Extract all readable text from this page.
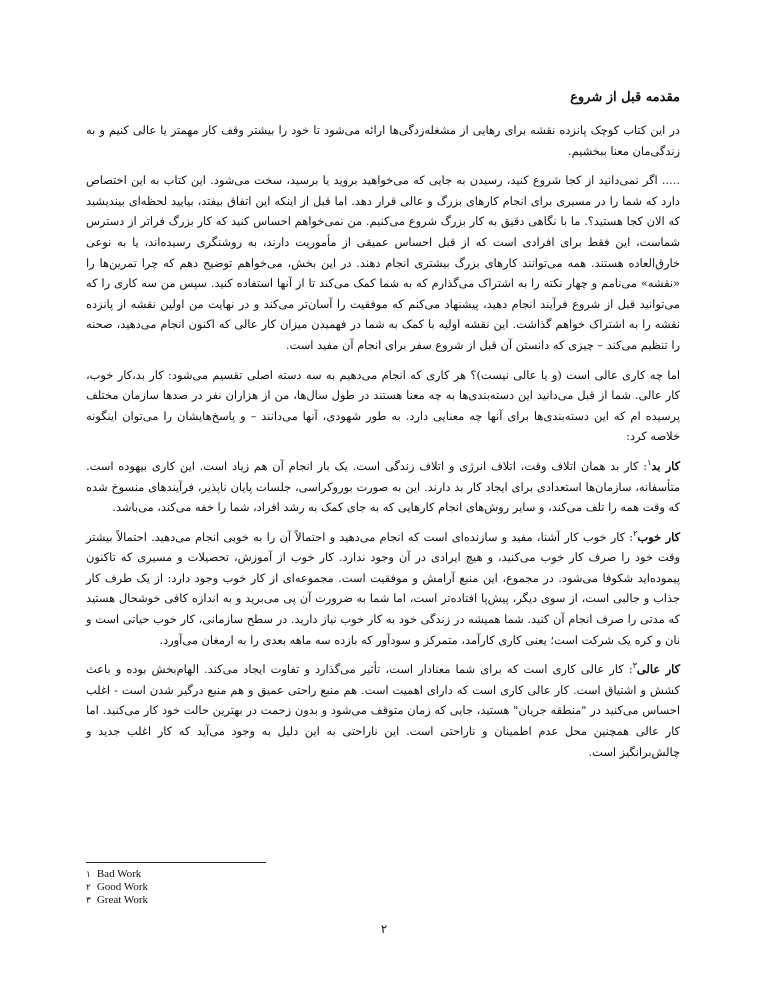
مقدمه قبل از شروع

در این کتاب کوچک پانزده نقشه برای رهایی از مشغلەزدگی‌ها ارائه می‌شود تا خود را بیشتر وقف کار مهمتر یا عالی کنیم و به زندگی‌مان معنا ببخشیم.

..... اگر نمی‌دانید از کجا شروع کنید، رسیدن به جایی که می‌خواهید بروید یا برسید، سخت می‌شود. این کتاب به این اختصاص دارد که شما را در مسیری برای انجام کارهای بزرگ و عالی قرار دهد. اما قبل از اینکه این اتفاق بیفتد، بیایید لحظه‌ای بیندیشید که الان کجا هستید؟. ما با نگاهی دقیق به کار بزرگ شروع می‌کنیم. من نمی‌خواهم احساس کنید که کار بزرگ فراتر از دسترس شماست، این فقط برای افرادی است که از قبل احساس عمیقی از مأموریت دارند، به روشنگری رسیده‌اند، یا به نوعی خارق‌العاده هستند. همه می‌توانند کارهای بزرگ بیشتری انجام دهند. در این بخش، می‌خواهم توضیح دهم که چرا تمرین‌ها را «نقشه» می‌نامم و چهار نکته را به اشتراک می‌گذارم که به شما کمک می‌کند تا از آنها استفاده کنید. سپس من سه کاری را که می‌توانید قبل از شروع فرآیند انجام دهید، پیشنهاد می‌کنم که موفقیت را آسان‌تر می‌کند و در نهایت من اولین نقشه از پانزده نقشه را به اشتراک خواهم گذاشت. این نقشه اولیه با کمک به شما در فهمیدن میزان کار عالی که اکنون انجام می‌دهید، صحنه را تنظیم می‌کند – چیزی که دانستن آن قبل از شروع سفر برای انجام آن مفید است.

اما چه کاری عالی است (و یا عالی نیست)؟ هر کاری که انجام می‌دهیم به سه دسته اصلی تقسیم می‌شود: کار بد،کار خوب، کار عالی. شما از قبل می‌دانید این دسته‌بندی‌ها به چه معنا هستند در طول سال‌ها، من از هزاران نفر در صدها سازمان مختلف پرسیده ام که این دسته‌بندی‌ها برای آنها چه معنایی دارد. به طور شهودی، آنها می‌دانند – و پاسخ‌هایشان را می‌توان اینگونه خلاصه کرد:

کار بد$^۱$: کار بد همان اتلاف وقت، اتلاف انرژی و اتلاف زندگی است. یک بار انجام آن هم زیاد است. این کاری بیهوده است. متأسفانه، سازمان‌ها استعدادی برای ایجاد کار بد دارند. این به صورت بوروکراسی، جلسات پایان ناپذیر، فرآیندهای منسوخ شده که وقت همه را تلف می‌کند، و سایر روش‌های انجام کارهایی که به جای کمک به رشد افراد، شما را خفه می‌کند، می‌باشد.

کار خوب$^۲$: کار خوب کار آشنا، مفید و سازنده‌ای است که انجام می‌دهید و احتمالاً آن را به خوبی انجام می‌دهید. احتمالاً بیشتر وقت خود را صرف کار خوب می‌کنید، و هیچ ایرادی در آن وجود ندارد. کار خوب از آموزش، تحصیلات و مسیری که تاکنون پیموده‌اید شکوفا می‌شود. در مجموع، این منبع آرامش و موفقیت است. مجموعه‌ای از کار خوب وجود دارد: از یک طرف کار جذاب و جالبی است، از سوی دیگر، پیش‌پا افتاده‌تر است، اما شما به ضرورت آن پی می‌برید و به اندازه کافی خوشحال هستید که مدتی را صرف انجام آن کنید. شما همیشه در زندگی خود به کار خوب نیاز دارید. در سطح سازمانی، کار خوب حیاتی است و نان و کره یک شرکت است؛ یعنی کاری کارآمد، متمرکز و سودآور که بازده سه ماهه بعدی را به ارمغان می‌آورد.

کار عالی$^۳$: کار عالی کاری است که برای شما معنادار است، تأثیر می‌گذارد و تفاوت ایجاد می‌کند. الهام‌بخش بوده و باعث کشش و اشتیاق است. کار عالی کاری است که دارای اهمیت است. هم منبع راحتی عمیق و هم منبع درگیر شدن است - اغلب احساس می‌کنید در "منطقه جریان" هستید، جایی که زمان متوقف می‌شود و بدون زحمت در بهترین حالت خود کار می‌کنید. اما کار عالی همچنین محل عدم اطمینان و ناراحتی است. این ناراحتی به این دلیل به وجود می‌آید که کار اغلب جدید و چالش‌برانگیز است.

۱ Bad Work
۲ Good Work
۳ Great Work
۲
